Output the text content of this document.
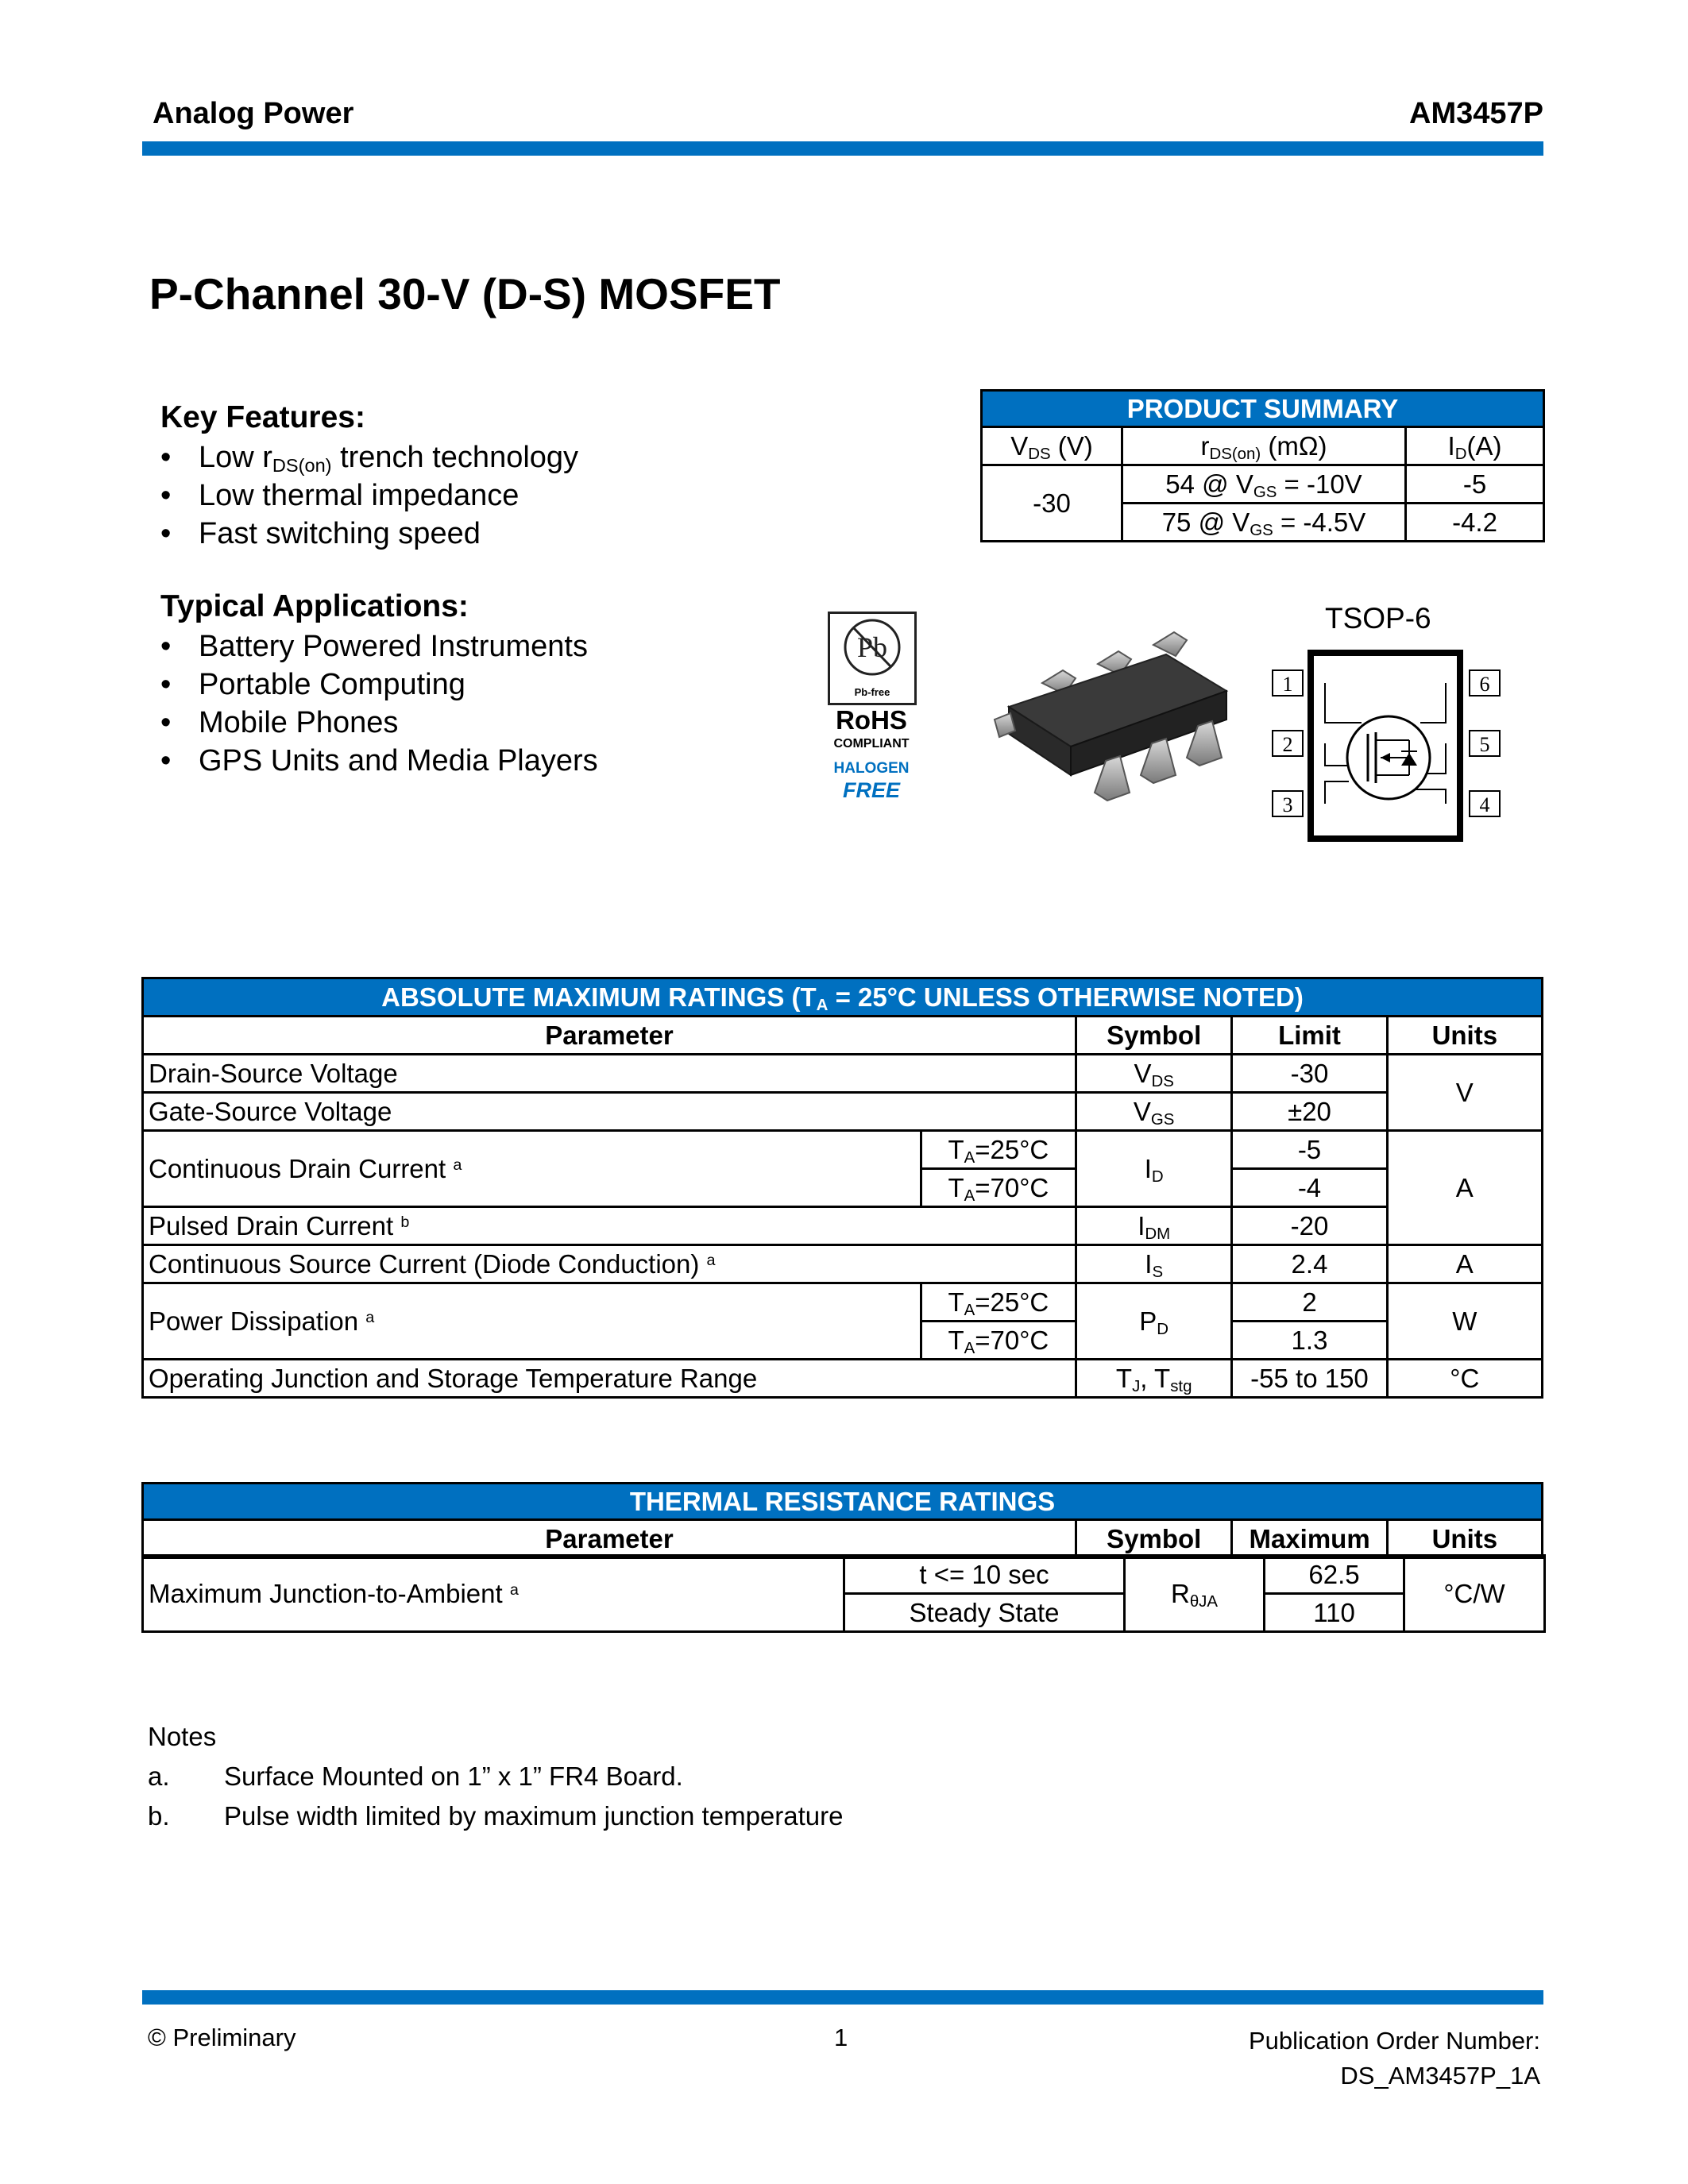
Analog Power	AM3457P
P-Channel 30-V (D-S) MOSFET
Key Features:
• Low $r_{DS(on)}$ trench technology
• Low thermal impedance
• Fast switching speed
Typical Applications:
• Battery Powered Instruments
• Portable Computing
• Mobile Phones
• GPS Units and Media Players
PRODUCT SUMMARY		
$V_{DS}$ (V)	$r_{DS(on)}$ (mΩ)	$I_D(A)$
-30	54 @ $V_{GS} = -10V$	-5
	75 @ $V_{GS} = -4.5V$	-4.2
Pb
Pb-free
RoHS
COMPLIANT
HALOGEN
FREE
TSOP-6
1
2
3
6
5
4
ABSOLUTE MAXIMUM RATINGS ($T_A = 25^\circ C$ UNLESS OTHERWISE NOTED)				
Parameter		Symbol	Limit	Units
Drain-Source Voltage		$V_{DS}$	-30	V
Gate-Source Voltage		$V_{GS}$	±20	
Continuous Drain Current $^a$	$T_A=25^\circ C$	$I_D$	-5	A
	$T_A=70^\circ C$		-4	
Pulsed Drain Current $^b$		$I_{DM}$	-20	
Continuous Source Current (Diode Conduction) $^a$		$I_S$	2.4	A
Power Dissipation $^a$	$T_A=25^\circ C$	$P_D$	2	W
	$T_A=70^\circ C$		1.3	
Operating Junction and Storage Temperature Range		$T_J$, $T_{stg}$	-55 to 150	°C
THERMAL RESISTANCE RATINGS
Parameter	Symbol	Maximum	Units
Maximum Junction-to-Ambient $^a$	t <= 10 sec	$R_{\theta JA}$	62.5	°C/W
	Steady State		110	
Notes
a. Surface Mounted on 1” x 1” FR4 Board.
b. Pulse width limited by maximum junction temperature
© Preliminary	1	Publication Order Number:
DS_AM3457P_1A
